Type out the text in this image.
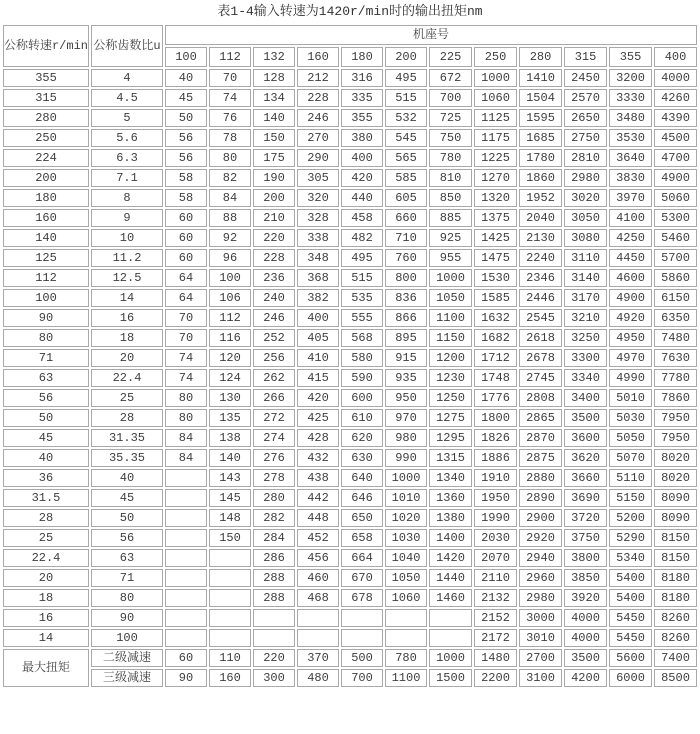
表1-4输入转速为1420r/min时的输出扭矩nm
公称转速r/min	公称齿数比u	机座号											
		100	112	132	160	180	200	225	250	280	315	355	400
355	4	40	70	128	212	316	495	672	1000	1410	2450	3200	4000
315	4.5	45	74	134	228	335	515	700	1060	1504	2570	3330	4260
280	5	50	76	140	246	355	532	725	1125	1595	2650	3480	4390
250	5.6	56	78	150	270	380	545	750	1175	1685	2750	3530	4500
224	6.3	56	80	175	290	400	565	780	1225	1780	2810	3640	4700
200	7.1	58	82	190	305	420	585	810	1270	1860	2980	3830	4900
180	8	58	84	200	320	440	605	850	1320	1952	3020	3970	5060
160	9	60	88	210	328	458	660	885	1375	2040	3050	4100	5300
140	10	60	92	220	338	482	710	925	1425	2130	3080	4250	5460
125	11.2	60	96	228	348	495	760	955	1475	2240	3110	4450	5700
112	12.5	64	100	236	368	515	800	1000	1530	2346	3140	4600	5860
100	14	64	106	240	382	535	836	1050	1585	2446	3170	4900	6150
90	16	70	112	246	400	555	866	1100	1632	2545	3210	4920	6350
80	18	70	116	252	405	568	895	1150	1682	2618	3250	4950	7480
71	20	74	120	256	410	580	915	1200	1712	2678	3300	4970	7630
63	22.4	74	124	262	415	590	935	1230	1748	2745	3340	4990	7780
56	25	80	130	266	420	600	950	1250	1776	2808	3400	5010	7860
50	28	80	135	272	425	610	970	1275	1800	2865	3500	5030	7950
45	31.35	84	138	274	428	620	980	1295	1826	2870	3600	5050	7950
40	35.35	84	140	276	432	630	990	1315	1886	2875	3620	5070	8020
36	40		143	278	438	640	1000	1340	1910	2880	3660	5110	8020
31.5	45		145	280	442	646	1010	1360	1950	2890	3690	5150	8090
28	50		148	282	448	650	1020	1380	1990	2900	3720	5200	8090
25	56		150	284	452	658	1030	1400	2030	2920	3750	5290	8150
22.4	63			286	456	664	1040	1420	2070	2940	3800	5340	8150
20	71			288	460	670	1050	1440	2110	2960	3850	5400	8180
18	80			288	468	678	1060	1460	2132	2980	3920	5400	8180
16	90								2152	3000	4000	5450	8260
14	100								2172	3010	4000	5450	8260
最大扭矩	二级减速	60	110	220	370	500	780	1000	1480	2700	3500	5600	7400
	三级减速	90	160	300	480	700	1100	1500	2200	3100	4200	6000	8500
